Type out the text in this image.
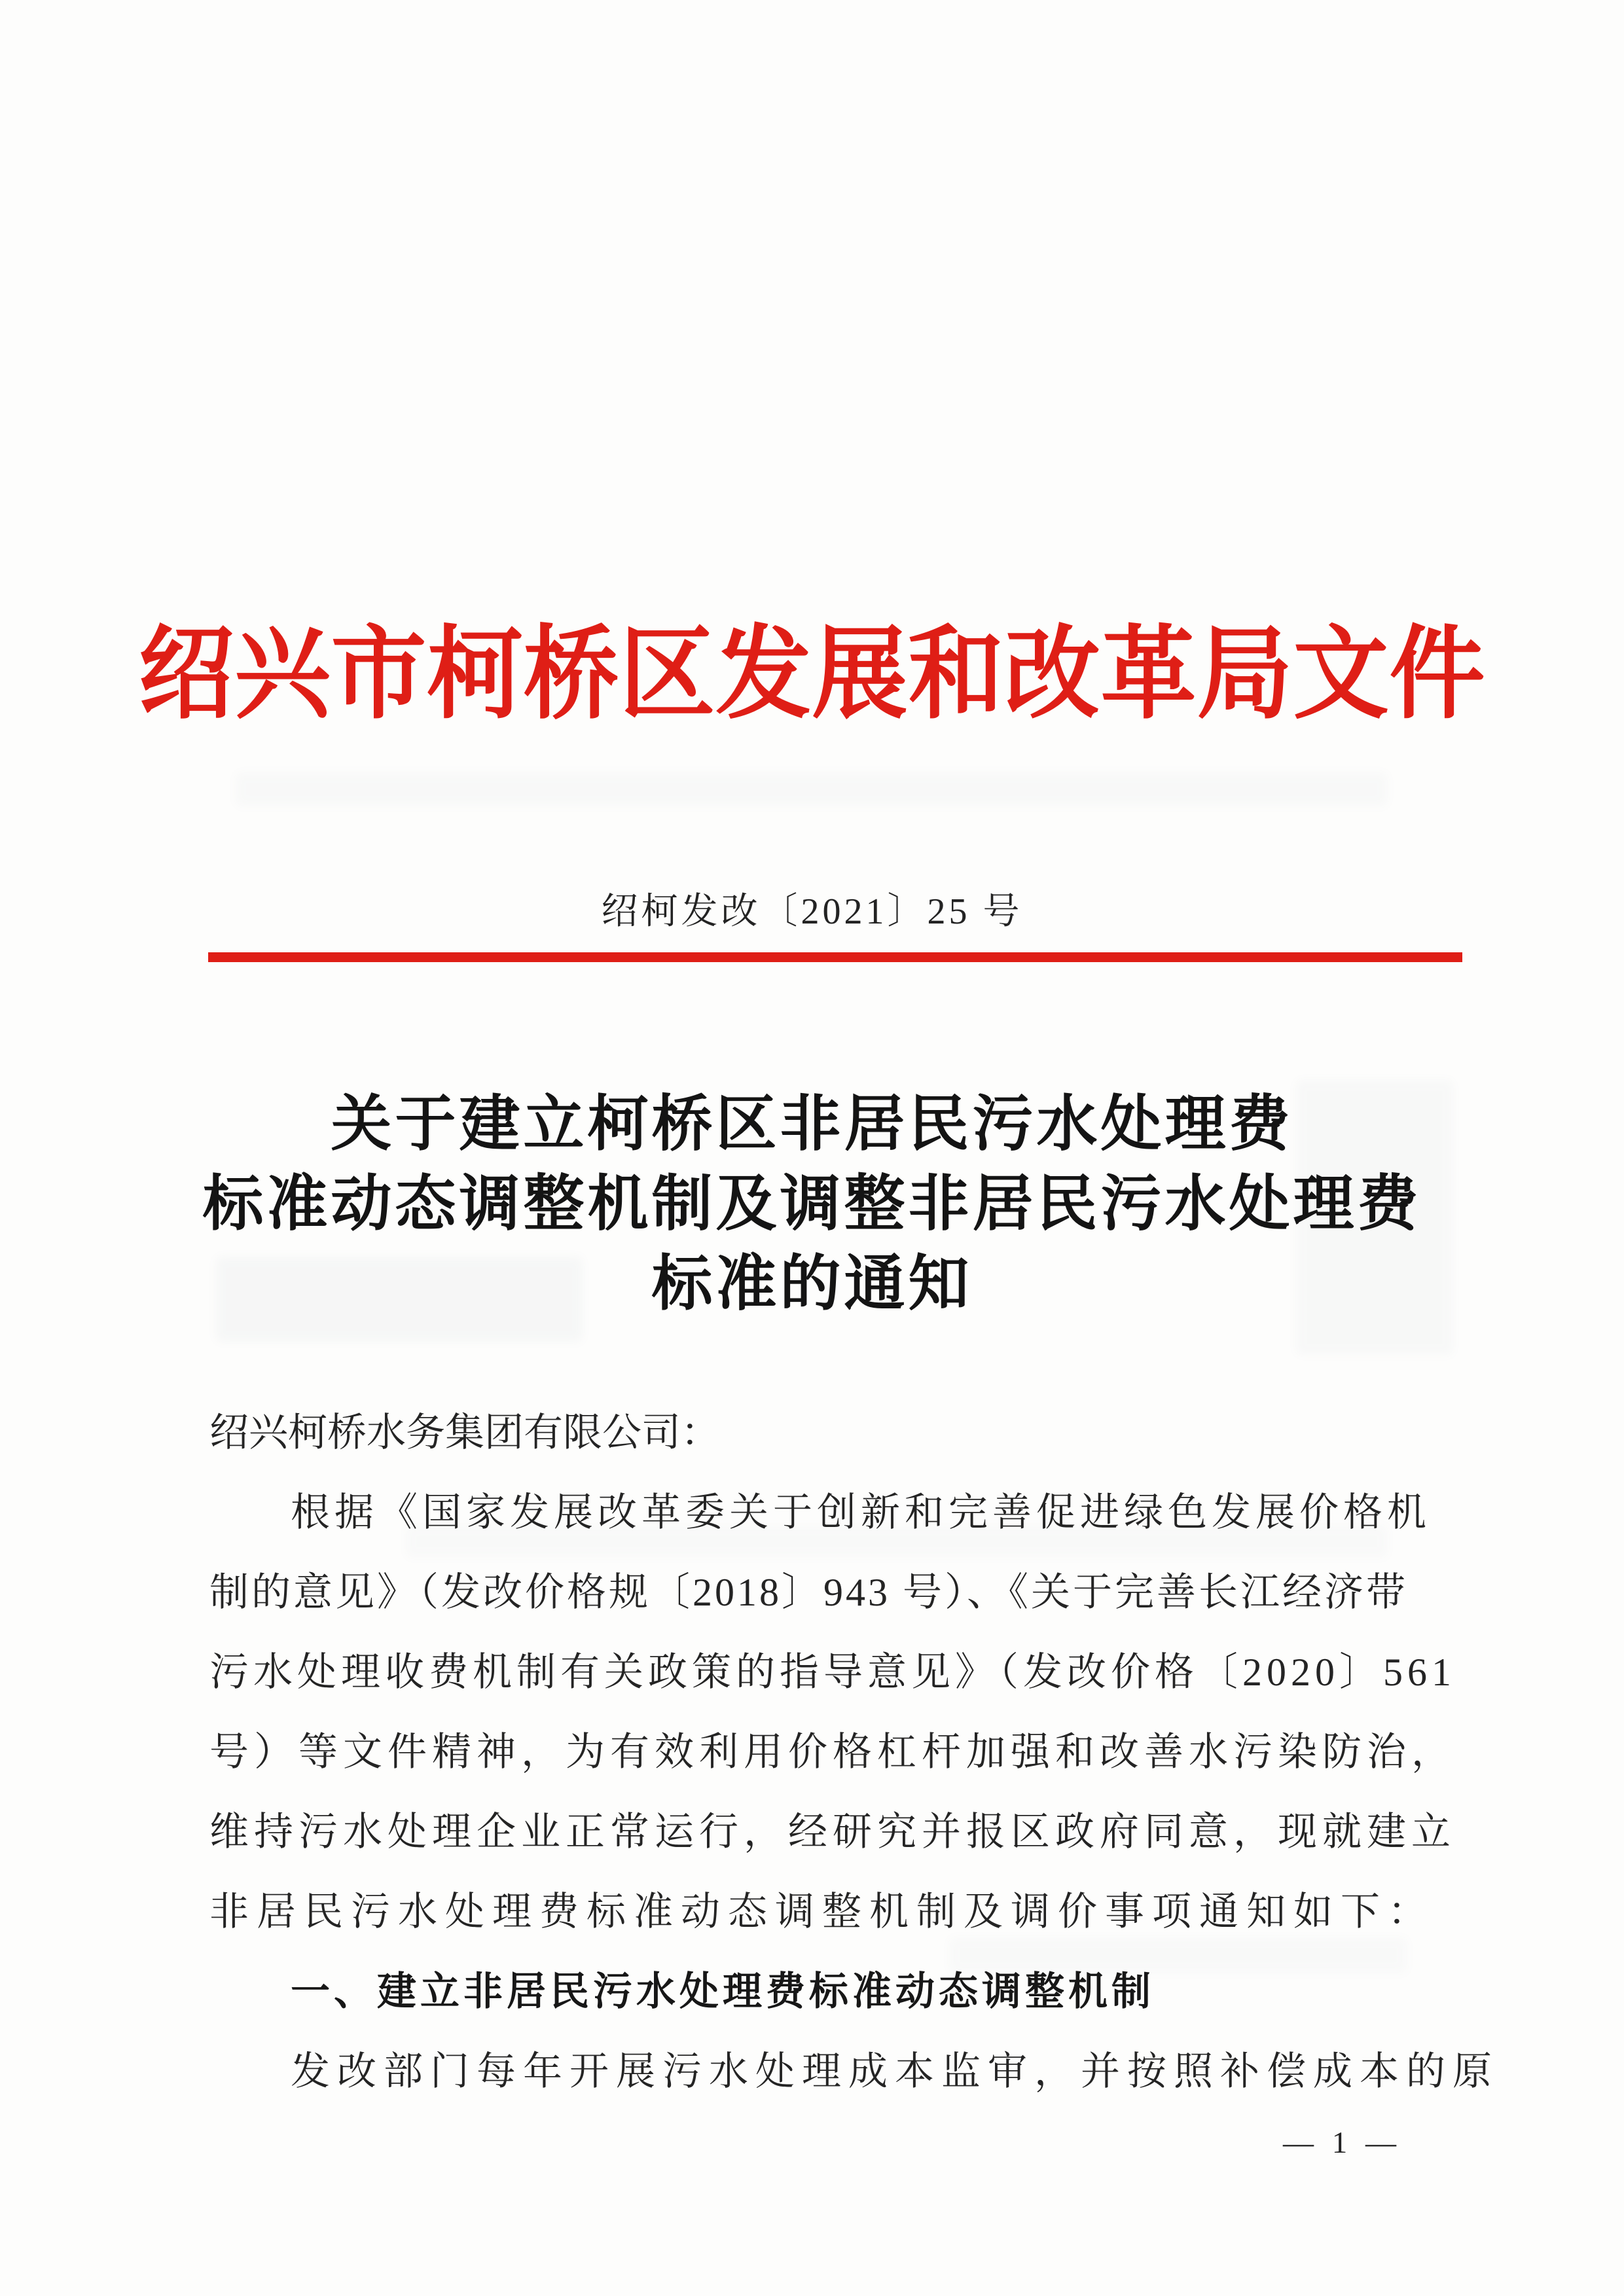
绍兴市柯桥区发展和改革局文件
绍柯发改〔2021〕25 号
关于建立柯桥区非居民污水处理费
标准动态调整机制及调整非居民污水处理费
标准的通知
绍兴柯桥水务集团有限公司：
根据《国家发展改革委关于创新和完善促进绿色发展价格机
制的意见》（发改价格规〔2018〕943 号）、《关于完善长江经济带
污水处理收费机制有关政策的指导意见》（发改价格〔2020〕561
号）等文件精神，为有效利用价格杠杆加强和改善水污染防治，
维持污水处理企业正常运行，经研究并报区政府同意，现就建立
非居民污水处理费标准动态调整机制及调价事项通知如下：
一、建立非居民污水处理费标准动态调整机制
发改部门每年开展污水处理成本监审，并按照补偿成本的原
— 1 —
